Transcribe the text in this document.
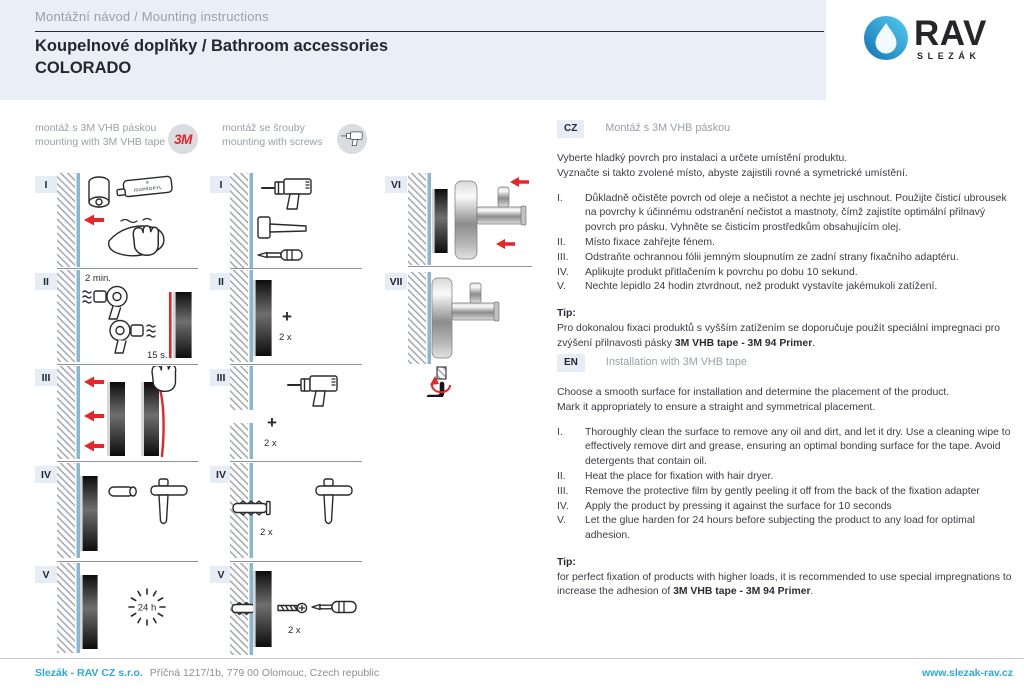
Montážní návod / Mounting instructions
Koupelnové doplňky / Bathroom accessories
COLORADO
RAV
SLEZÁK
montáž s 3M VHB páskou
mounting with 3M VHB tape 3M
montáž se šrouby
mounting with screws
I
II
III
IV
V
I
II
III
IV
V
VI
VII
ISOPROPYL
2 min.
15 s.
24 h
+
2 x
+
2 x
2 x
2 x
CZ	Montáž s 3M VHB páskou
Vyberte hladký povrch pro instalaci a určete umístění produktu.
Vyznačte si takto zvolené místo, abyste zajistili rovné a symetrické umístění.
I.	Důkladně očistěte povrch od oleje a nečistot a nechte jej uschnout. Použijte čisticí ubrousek na povrchy k účinnému odstranění nečistot a mastnoty, čímž zajistíte optimální přilnavý povrch pro pásku. Vyhněte se čisticím prostředkům obsahujícím olej.
II.	Místo fixace zahřejte fénem.
III.	Odstraňte ochrannou fólii jemným sloupnutím ze zadní strany fixačního adaptéru.
IV.	Aplikujte produkt přitlačením k povrchu po dobu 10 sekund.
V.	Nechte lepidlo 24 hodin ztvrdnout, než produkt vystavíte jakémukoli zatížení.
Tip:
Pro dokonalou fixaci produktů s vyšším zatížením se doporučuje použít speciální impregnaci pro zvýšení přilnavosti pásky 3M VHB tape - 3M 94 Primer.
EN	Installation with 3M VHB tape
Choose a smooth surface for installation and determine the placement of the product.
Mark it appropriately to ensure a straight and symmetrical placement.
I.	Thoroughly clean the surface to remove any oil and dirt, and let it dry. Use a cleaning wipe to effectively remove dirt and grease, ensuring an optimal bonding surface for the tape. Avoid detergents that contain oil.
II.	Heat the place for fixation with hair dryer.
III.	Remove the protective film by gently peeling it off from the back of the fixation adapter
IV.	Apply the product by pressing it against the surface for 10 seconds
V.	Let the glue harden for 24 hours before subjecting the product to any load for optimal adhesion.
Tip:
for perfect fixation of products with higher loads, it is recommended to use special impregnations to increase the adhesion of 3M VHB tape - 3M 94 Primer.
Slezák - RAV CZ s.r.o. Příčná 1217/1b, 779 00 Olomouc, Czech republic	www.slezak-rav.cz
